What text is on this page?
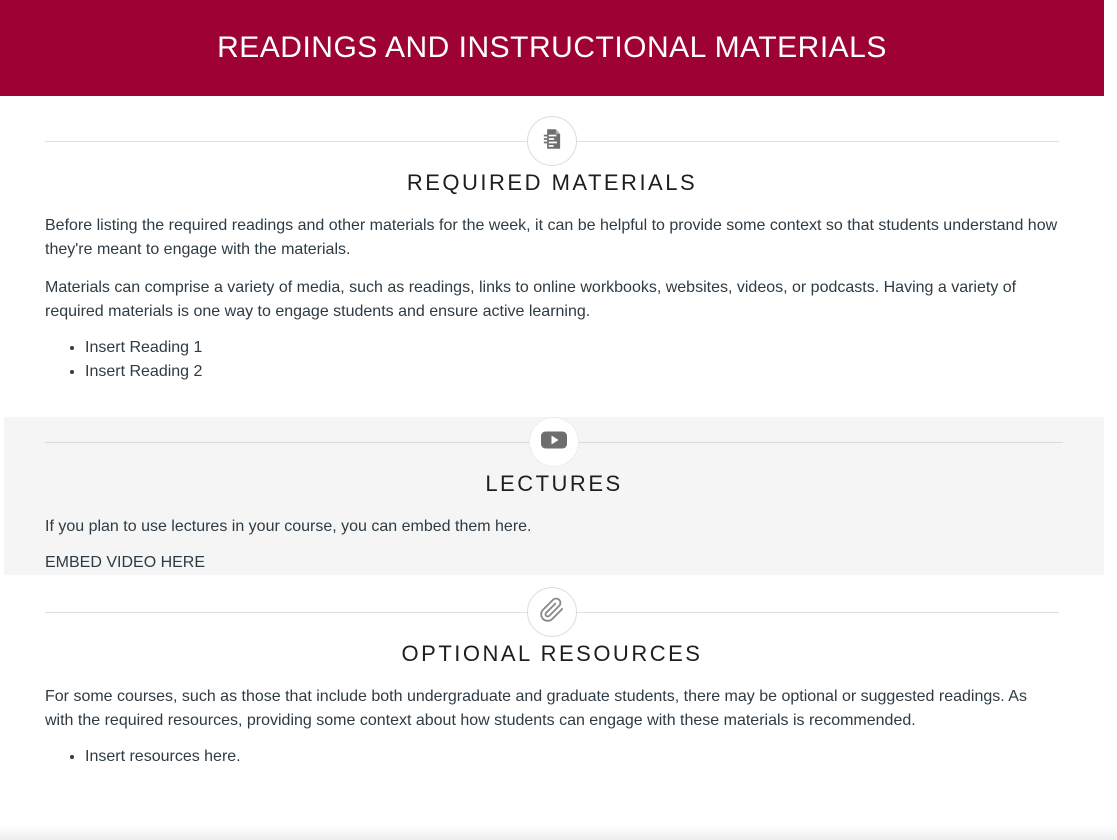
READINGS AND INSTRUCTIONAL MATERIALS
REQUIRED MATERIALS

Before listing the required readings and other materials for the week, it can be helpful to provide some context so that students understand how they're meant to engage with the materials.

Materials can comprise a variety of media, such as readings, links to online workbooks, websites, videos, or podcasts. Having a variety of required materials is one way to engage students and ensure active learning.

• Insert Reading 1
• Insert Reading 2
LECTURES

If you plan to use lectures in your course, you can embed them here.

EMBED VIDEO HERE

OPTIONAL RESOURCES

For some courses, such as those that include both undergraduate and graduate students, there may be optional or suggested readings. As with the required resources, providing some context about how students can engage with these materials is recommended.

• Insert resources here.
